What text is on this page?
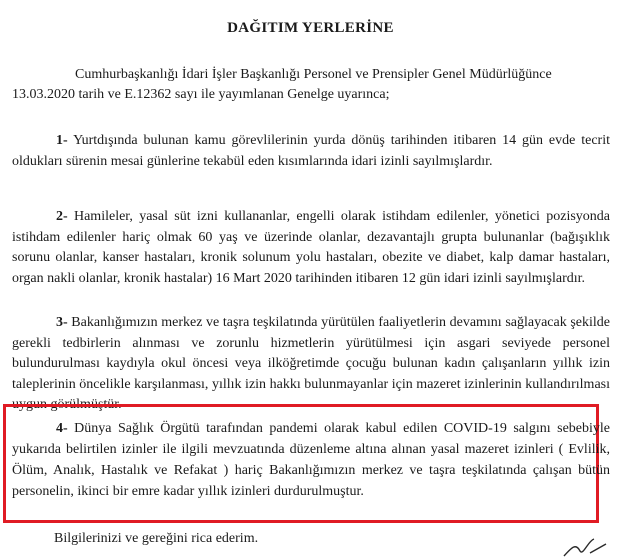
DAĞITIM YERLERİNE
Cumhurbaşkanlığı İdari İşler Başkanlığı Personel ve Prensipler Genel Müdürlüğünce
13.03.2020 tarih ve E.12362 sayı ile yayımlanan Genelge uyarınca;
1- Yurtdışında bulunan kamu görevlilerinin yurda dönüş tarihinden itibaren 14 gün evde tecrit oldukları sürenin mesai günlerine tekabül eden kısımlarında idari izinli sayılmışlardır.
2- Hamileler, yasal süt izni kullananlar, engelli olarak istihdam edilenler, yönetici pozisyonda istihdam edilenler hariç olmak 60 yaş ve üzerinde olanlar, dezavantajlı grupta bulunanlar (bağışıklık sorunu olanlar, kanser hastaları, kronik solunum yolu hastaları, obezite ve diabet, kalp damar hastaları, organ nakli olanlar, kronik hastalar) 16 Mart 2020 tarihinden itibaren 12 gün idari izinli sayılmışlardır.
3- Bakanlığımızın merkez ve taşra teşkilatında yürütülen faaliyetlerin devamını sağlayacak şekilde gerekli tedbirlerin alınması ve zorunlu hizmetlerin yürütülmesi için asgari seviyede personel bulundurulması kaydıyla okul öncesi veya ilköğretimde çocuğu bulunan kadın çalışanların yıllık izin taleplerinin öncelikle karşılanması, yıllık izin hakkı bulunmayanlar için mazeret izinlerinin kullandırılması uygun görülmüştür.
4- Dünya Sağlık Örgütü tarafından pandemi olarak kabul edilen COVID-19 salgını sebebiyle yukarıda belirtilen izinler ile ilgili mevzuatında düzenleme altına alınan yasal mazeret izinleri ( Evlilik, Ölüm, Analık, Hastalık ve Refakat ) hariç Bakanlığımızın merkez ve taşra teşkilatında çalışan bütün personelin, ikinci bir emre kadar yıllık izinleri durdurulmuştur.
Bilgilerinizi ve gereğini rica ederim.
